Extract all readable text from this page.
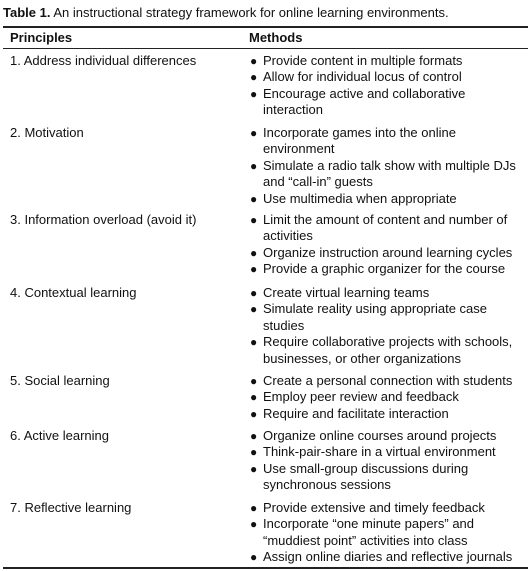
Table 1. An instructional strategy framework for online learning environments.
Principles	Methods
1. Address individual differences	● Provide content in multiple formats
● Allow for individual locus of control
● Encourage active and collaborative interaction
2. Motivation	● Incorporate games into the online environment
● Simulate a radio talk show with multiple DJs and “call-in” guests
● Use multimedia when appropriate
3. Information overload (avoid it)	● Limit the amount of content and number of activities
● Organize instruction around learning cycles
● Provide a graphic organizer for the course
4. Contextual learning	● Create virtual learning teams
● Simulate reality using appropriate case studies
● Require collaborative projects with schools, businesses, or other organizations
5. Social learning	● Create a personal connection with students
● Employ peer review and feedback
● Require and facilitate interaction
6. Active learning	● Organize online courses around projects
● Think-pair-share in a virtual environment
● Use small-group discussions during synchronous sessions
7. Reflective learning	● Provide extensive and timely feedback
● Incorporate “one minute papers” and “muddiest point” activities into class
● Assign online diaries and reflective journals
